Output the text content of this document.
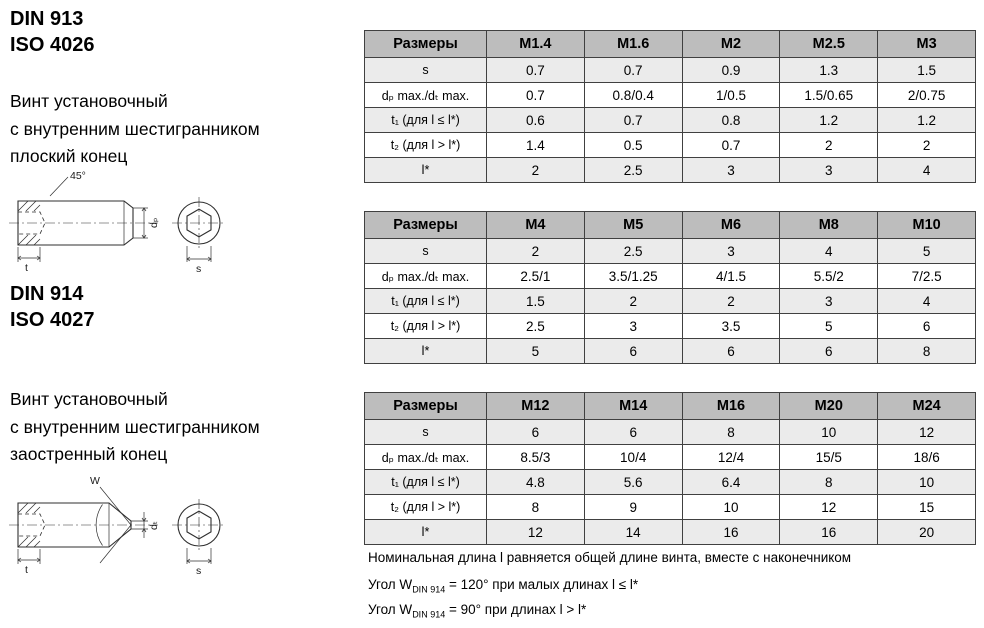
DIN 913
ISO 4026
Винт установочный
с внутренним шестигранником
плоский конец
45°
t
dₚ
s
DIN 914
ISO 4027
Винт установочный
с внутренним шестигранником
заостренный конец
W
t
dₜ
s
Размеры	M1.4	M1.6	M2	M2.5	M3
s	0.7	0.7	0.9	1.3	1.5
dₚ max./dₜ max.	0.7	0.8/0.4	1/0.5	1.5/0.65	2/0.75
t₁ (для l ≤ l*)	0.6	0.7	0.8	1.2	1.2
t₂ (для l > l*)	1.4	0.5	0.7	2	2
l*	2	2.5	3	3	4
Размеры	M4	M5	M6	M8	M10
s	2	2.5	3	4	5
dₚ max./dₜ max.	2.5/1	3.5/1.25	4/1.5	5.5/2	7/2.5
t₁ (для l ≤ l*)	1.5	2	2	3	4
t₂ (для l > l*)	2.5	3	3.5	5	6
l*	5	6	6	6	8
Размеры	M12	M14	M16	M20	M24
s	6	6	8	10	12
dₚ max./dₜ max.	8.5/3	10/4	12/4	15/5	18/6
t₁ (для l ≤ l*)	4.8	5.6	6.4	8	10
t₂ (для l > l*)	8	9	10	12	15
l*	12	14	16	16	20
Номинальная длина l равняется общей длине винта, вместе с наконечником
Угол $W_{DIN 914} = 120^\circ$ при малых длинах l ≤ l*
Угол $W_{DIN 914} = 90^\circ$ при длинах l > l*
